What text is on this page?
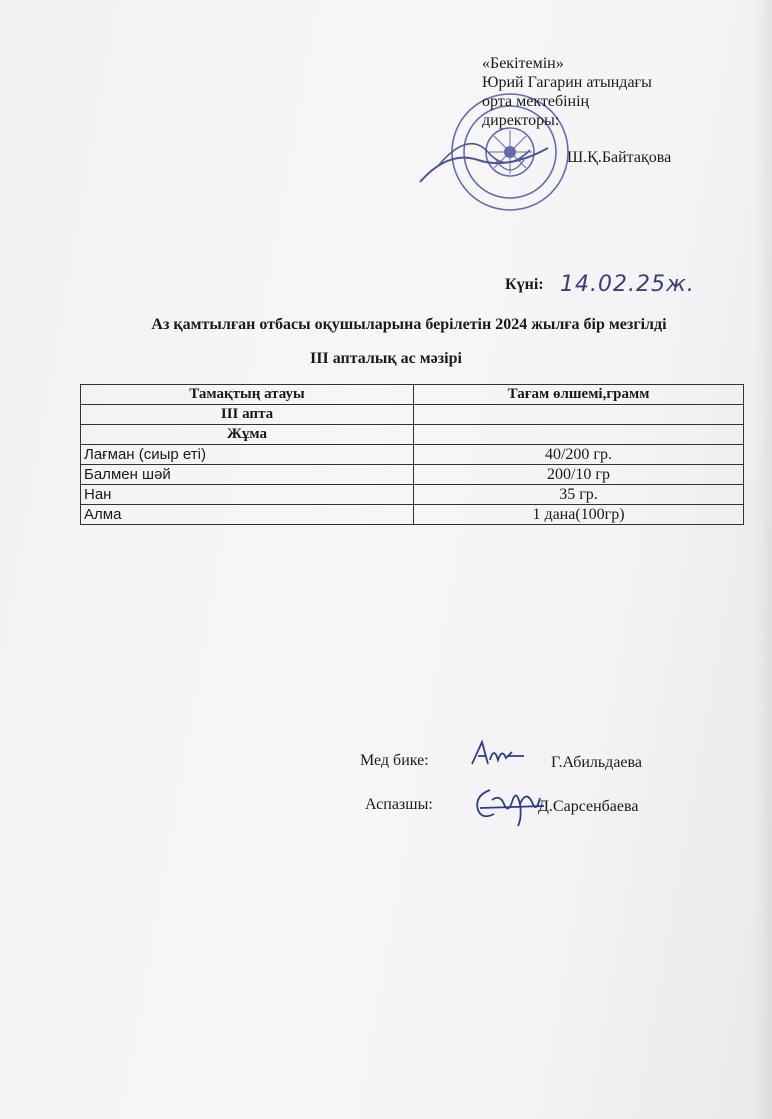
«Бекітемін»
Юрий Гагарин атындағы
орта мектебінің
директоры:
Ш.Қ.Байтақова
Күні: 14.02.25ж.
Аз қамтылған отбасы оқушыларына берілетін 2024 жылға бір мезгілді
ІІІ апталық ас мәзірі
Тамақтың атауы	Тағам өлшемі,грамм
ІІІ апта	
Жұма	
Лағман (сиыр еті)	40/200 гр.
Балмен шәй	200/10 гр
Нан	35 гр.
Алма	1 дана(100гр)
Мед бике:	Г.Абильдаева
Аспазшы:	Д.Сарсенбаева
